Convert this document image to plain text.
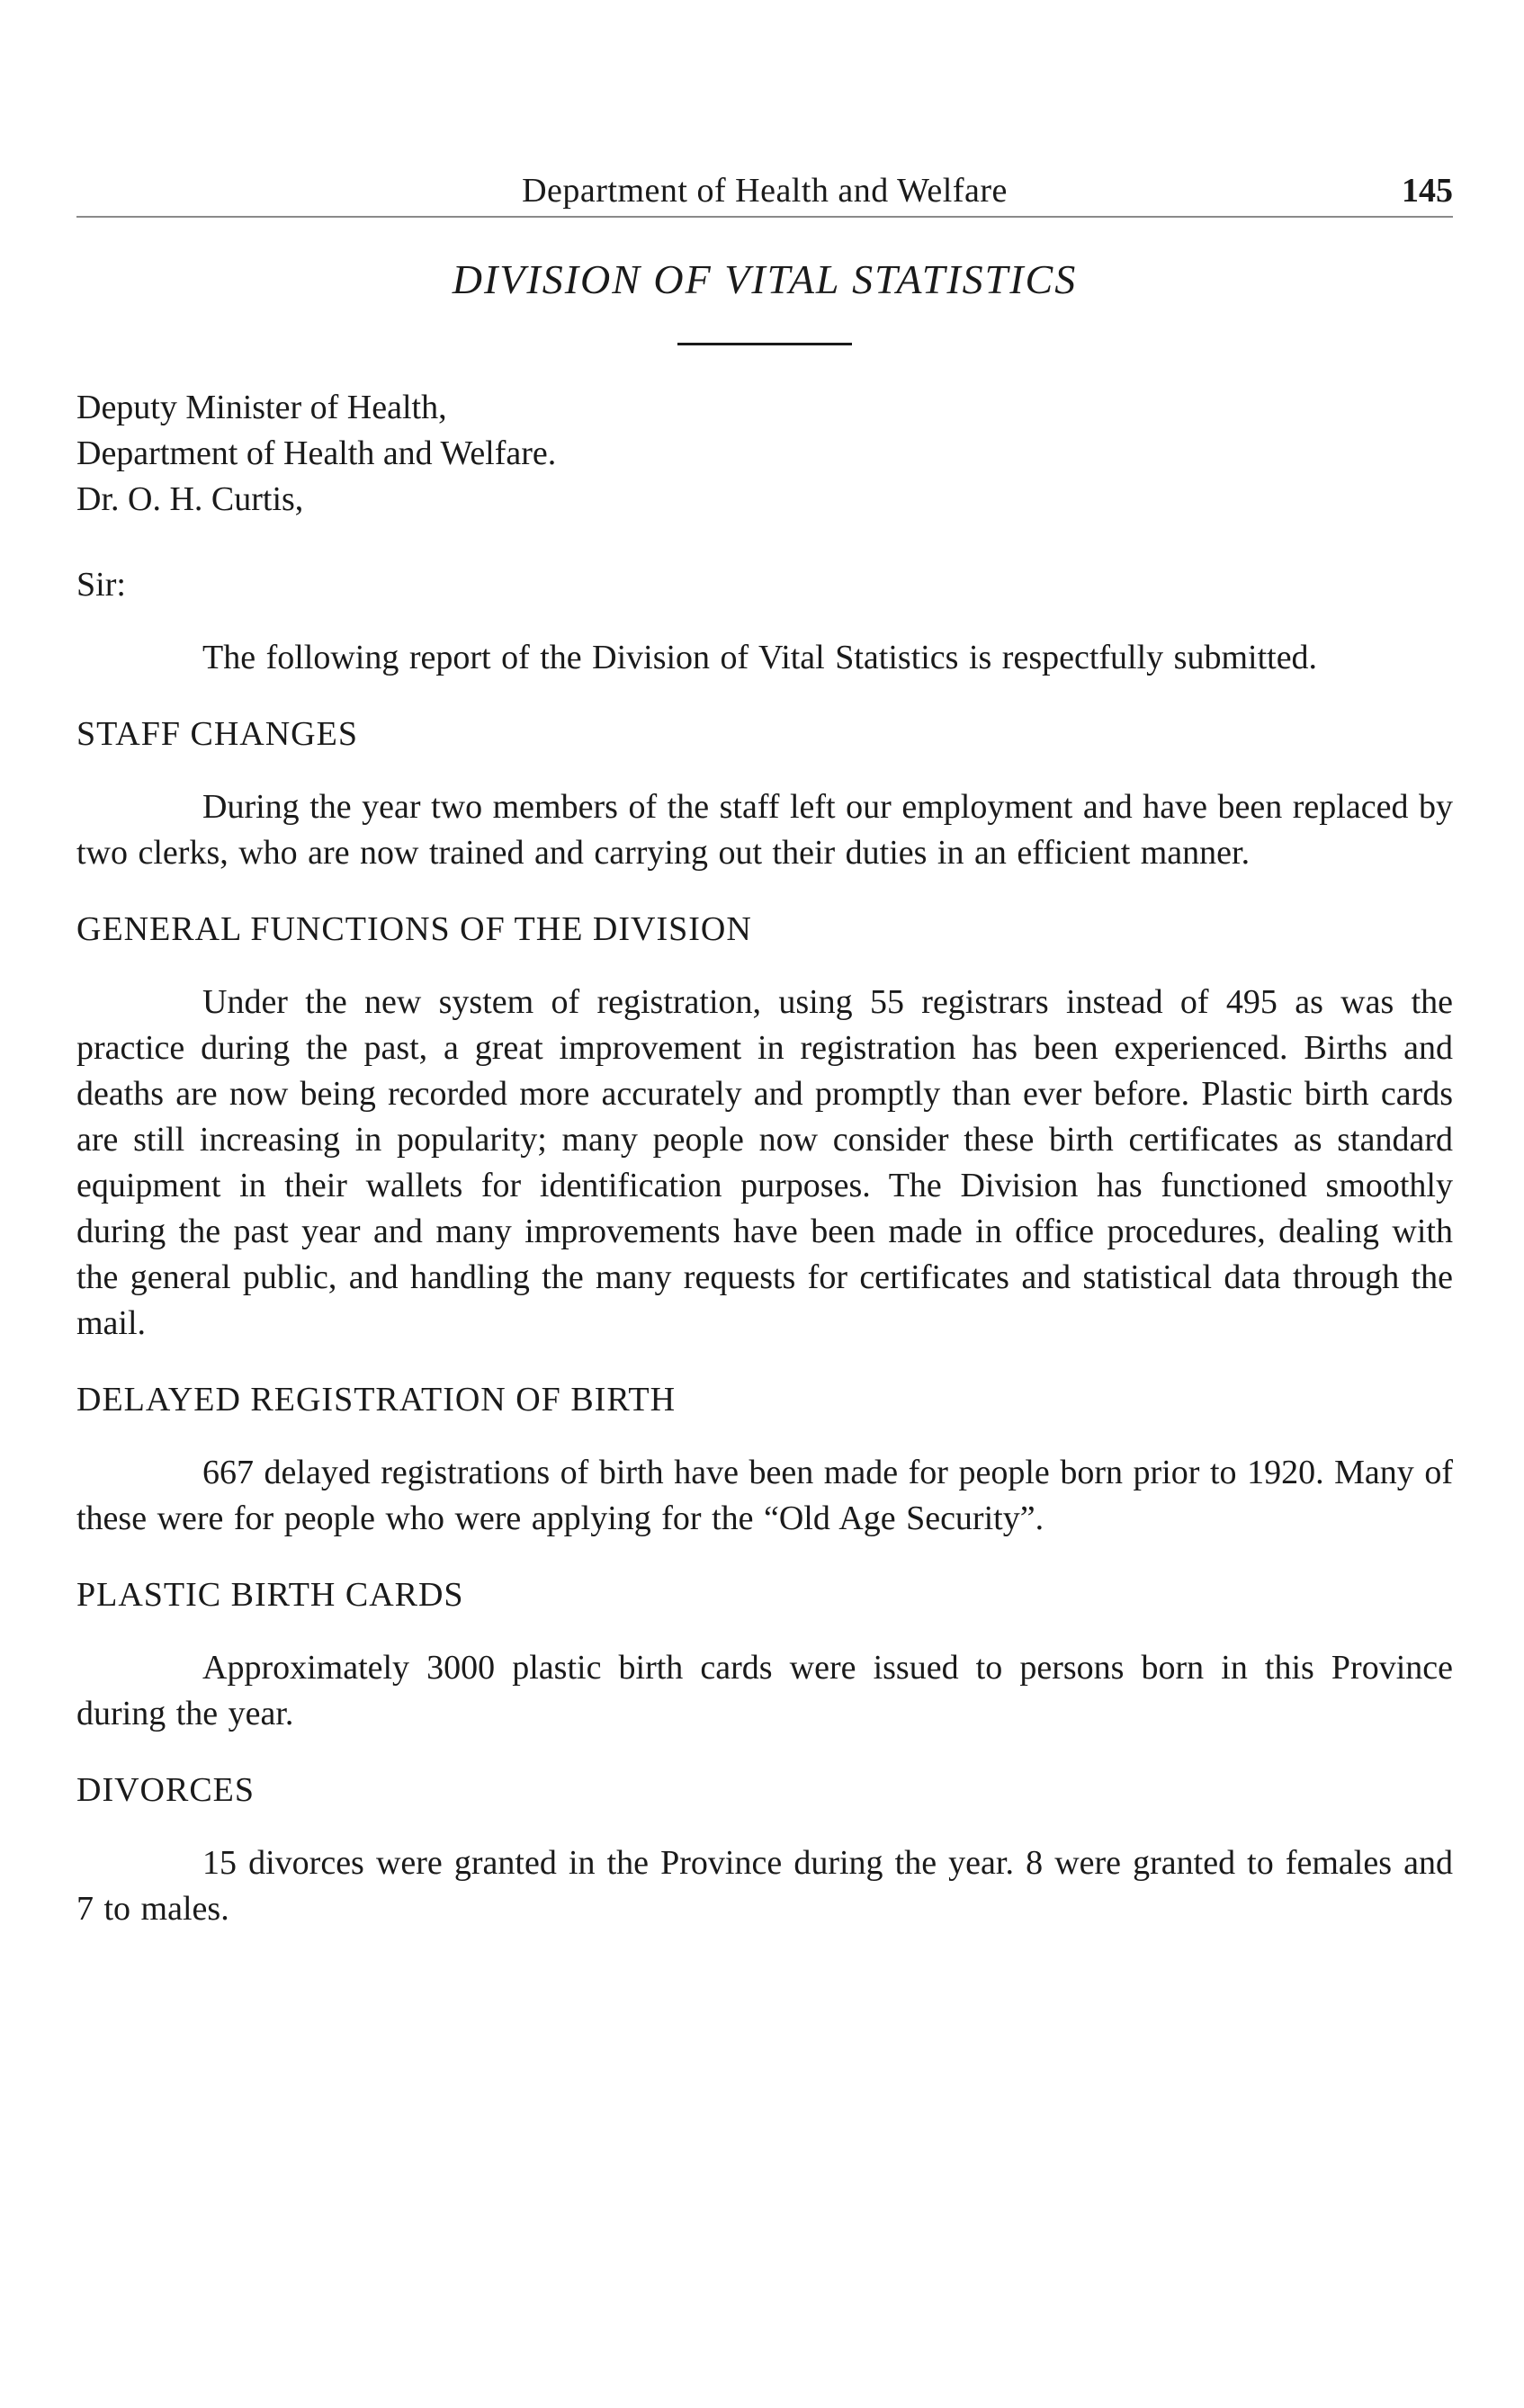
Department of Health and Welfare	145
DIVISION OF VITAL STATISTICS
Deputy Minister of Health,
Department of Health and Welfare.
Dr. O. H. Curtis,
Sir:

The following report of the Division of Vital Statistics is respectfully submitted.

STAFF CHANGES

During the year two members of the staff left our employment and have been replaced by two clerks, who are now trained and carrying out their duties in an efficient manner.

GENERAL FUNCTIONS OF THE DIVISION

Under the new system of registration, using 55 registrars instead of 495 as was the practice during the past, a great improvement in registration has been experienced. Births and deaths are now being recorded more accurately and promptly than ever before. Plastic birth cards are still increasing in popularity; many people now consider these birth certificates as standard equipment in their wallets for identification purposes. The Division has functioned smoothly during the past year and many improvements have been made in office procedures, dealing with the general public, and handling the many requests for certificates and statistical data through the mail.

DELAYED REGISTRATION OF BIRTH

667 delayed registrations of birth have been made for people born prior to 1920. Many of these were for people who were applying for the “Old Age Security”.

PLASTIC BIRTH CARDS

Approximately 3000 plastic birth cards were issued to persons born in this Province during the year.

DIVORCES

15 divorces were granted in the Province during the year. 8 were granted to females and 7 to males.
